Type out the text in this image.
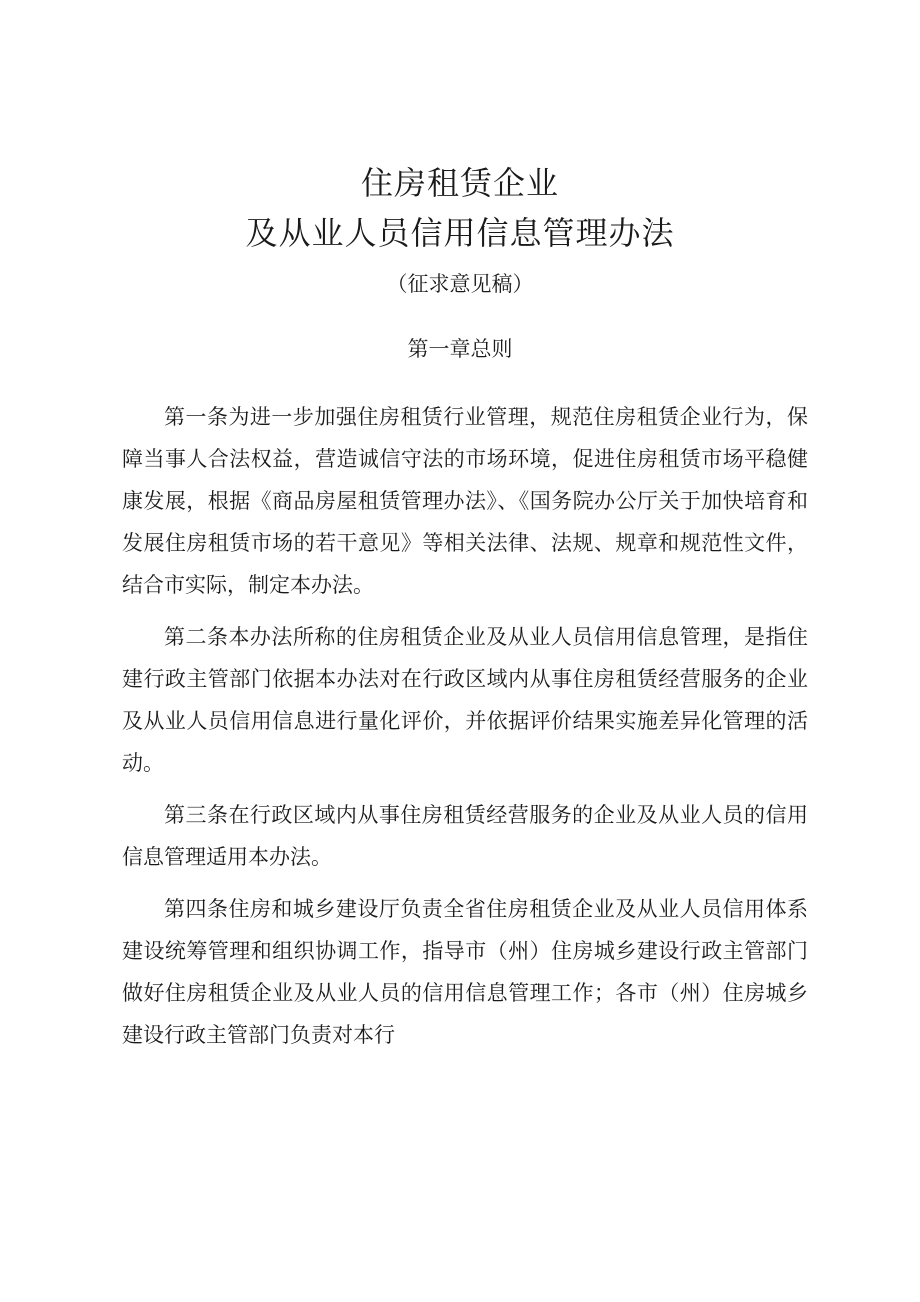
住房租赁企业
及从业人员信用信息管理办法
（征求意见稿）
第一章总则

第一条为进一步加强住房租赁行业管理，规范住房租赁企业行为，保障当事人合法权益，营造诚信守法的市场环境，促进住房租赁市场平稳健康发展，根据《商品房屋租赁管理办法》、《国务院办公厅关于加快培育和发展住房租赁市场的若干意见》等相关法律、法规、规章和规范性文件，结合市实际，制定本办法。

第二条本办法所称的住房租赁企业及从业人员信用信息管理，是指住建行政主管部门依据本办法对在行政区域内从事住房租赁经营服务的企业及从业人员信用信息进行量化评价，并依据评价结果实施差异化管理的活动。

第三条在行政区域内从事住房租赁经营服务的企业及从业人员的信用信息管理适用本办法。

第四条住房和城乡建设厅负责全省住房租赁企业及从业人员信用体系建设统筹管理和组织协调工作，指导市（州）住房城乡建设行政主管部门做好住房租赁企业及从业人员的信用信息管理工作；各市（州）住房城乡建设行政主管部门负责对本行
